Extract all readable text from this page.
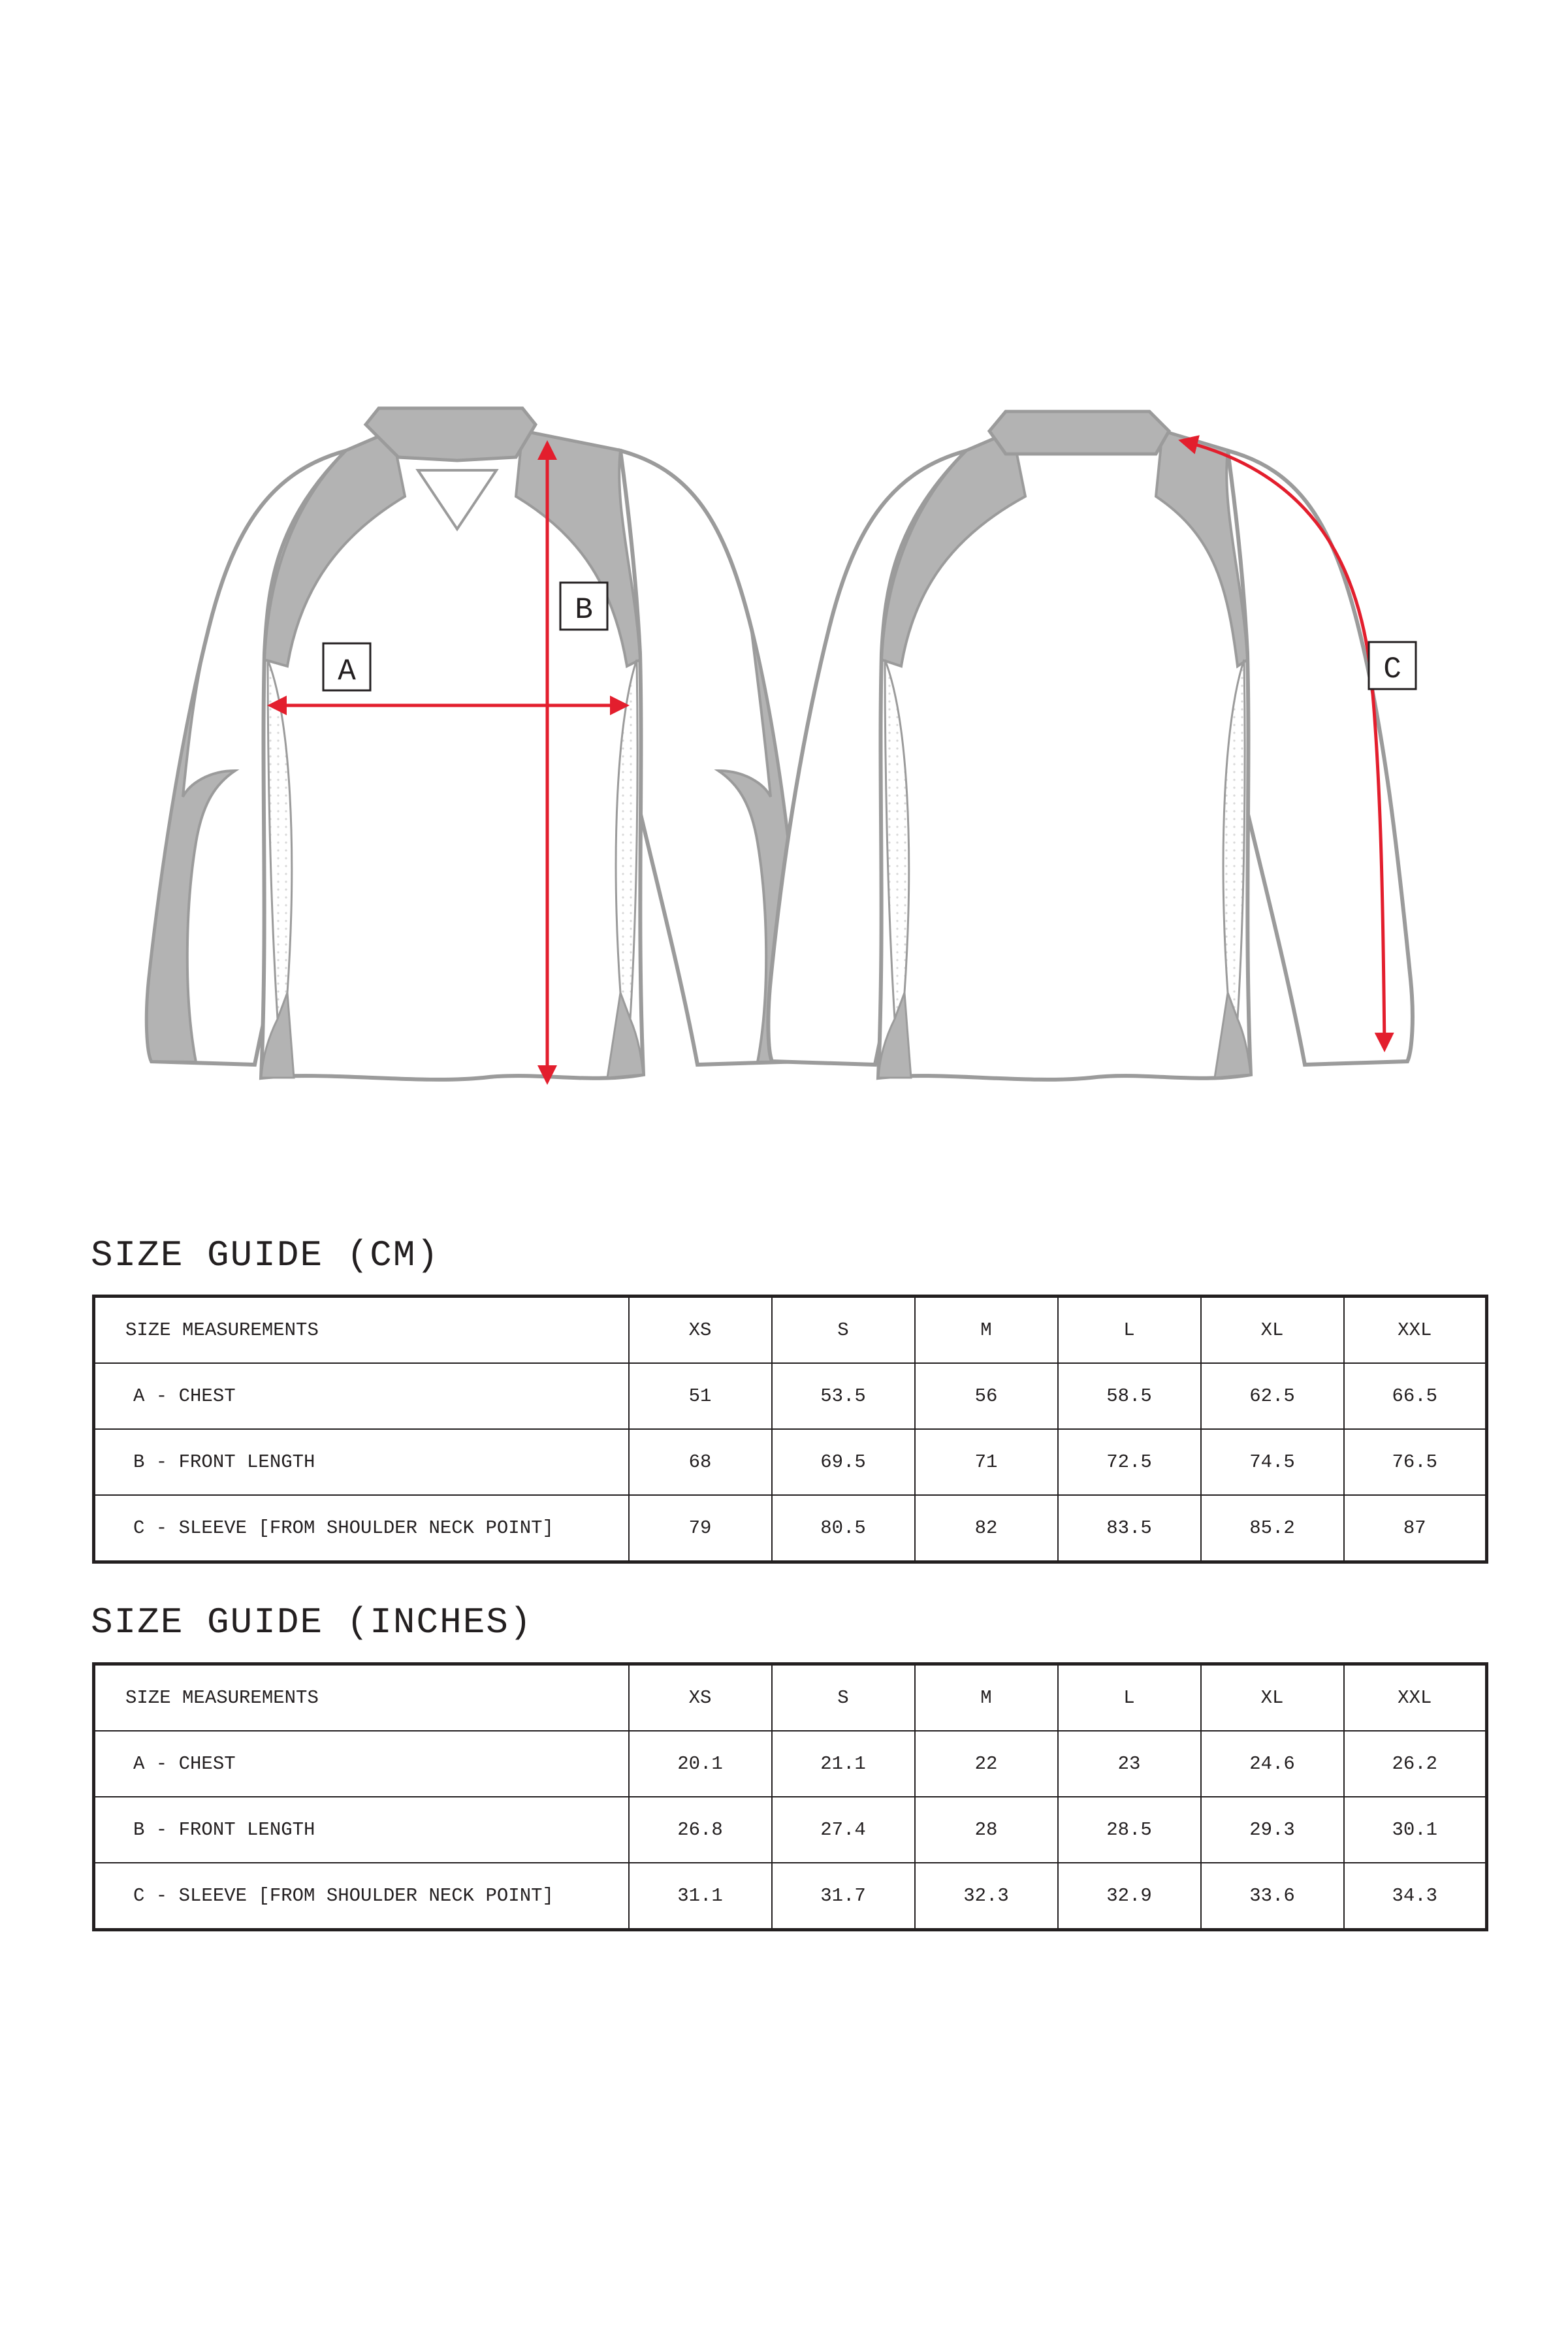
A
B
C
SIZE GUIDE (CM)
SIZE MEASUREMENTS	XS	S	M	L	XL	XXL
A - CHEST	51	53.5	56	58.5	62.5	66.5
B - FRONT LENGTH	68	69.5	71	72.5	74.5	76.5
C - SLEEVE [FROM SHOULDER NECK POINT]	79	80.5	82	83.5	85.2	87
SIZE GUIDE (INCHES)
SIZE MEASUREMENTS	XS	S	M	L	XL	XXL
A - CHEST	20.1	21.1	22	23	24.6	26.2
B - FRONT LENGTH	26.8	27.4	28	28.5	29.3	30.1
C - SLEEVE [FROM SHOULDER NECK POINT]	31.1	31.7	32.3	32.9	33.6	34.3
